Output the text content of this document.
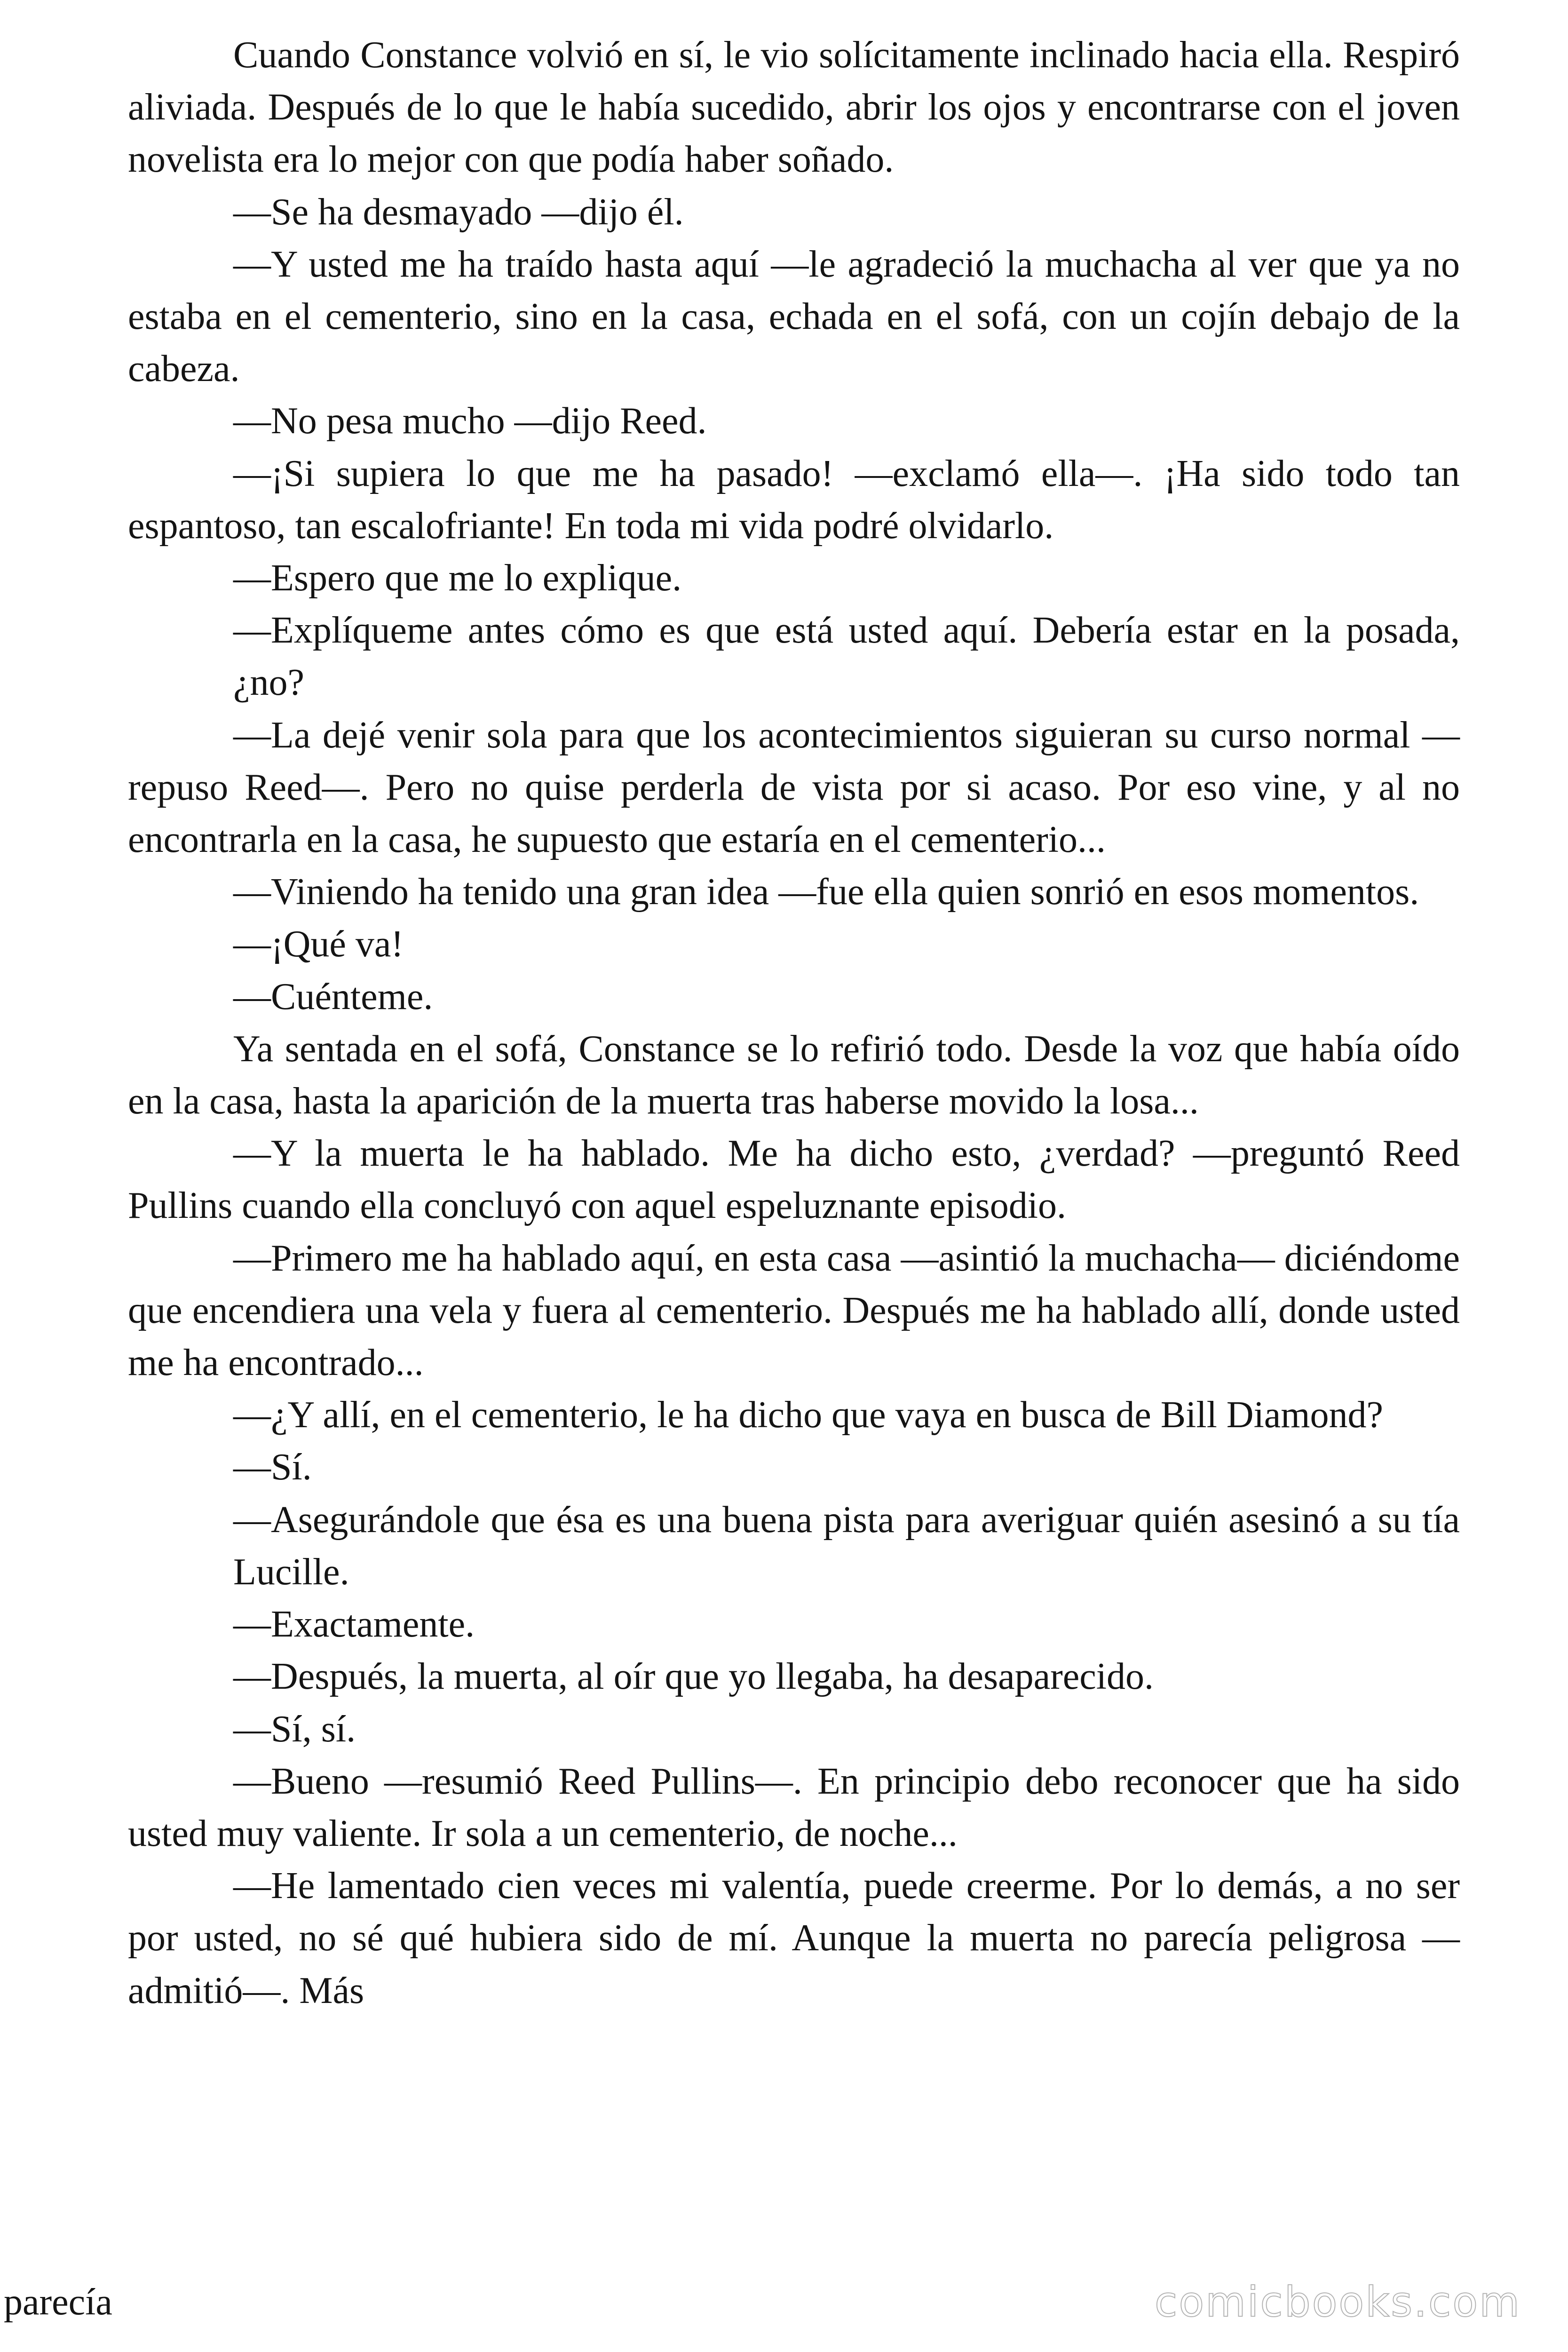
Cuando Constance volvió en sí, le vio solícitamente inclinado hacia ella. Respiró aliviada. Después de lo que le había sucedido, abrir los ojos y encontrarse con el joven novelista era lo mejor con que podía haber soñado.

—Se ha desmayado —dijo él.

—Y usted me ha traído hasta aquí —le agradeció la muchacha al ver que ya no estaba en el cementerio, sino en la casa, echada en el sofá, con un cojín debajo de la cabeza.

—No pesa mucho —dijo Reed.

—¡Si supiera lo que me ha pasado! —exclamó ella—. ¡Ha sido todo tan espantoso, tan escalofriante! En toda mi vida podré olvidarlo.

—Espero que me lo explique.

—Explíqueme antes cómo es que está usted aquí. Debería estar en la posada, ¿no?

—La dejé venir sola para que los acontecimientos siguieran su curso normal —repuso Reed—. Pero no quise perderla de vista por si acaso. Por eso vine, y al no encontrarla en la casa, he supuesto que estaría en el cementerio...

—Viniendo ha tenido una gran idea —fue ella quien sonrió en esos momentos.

—¡Qué va!

—Cuénteme.

Ya sentada en el sofá, Constance se lo refirió todo. Desde la voz que había oído en la casa, hasta la aparición de la muerta tras haberse movido la losa...

—Y la muerta le ha hablado. Me ha dicho esto, ¿verdad? —preguntó Reed Pullins cuando ella concluyó con aquel espeluznante episodio.

—Primero me ha hablado aquí, en esta casa —asintió la muchacha— diciéndome que encendiera una vela y fuera al cementerio. Después me ha hablado allí, donde usted me ha encontrado...

—¿Y allí, en el cementerio, le ha dicho que vaya en busca de Bill Diamond?

—Sí.

—Asegurándole que ésa es una buena pista para averiguar quién asesinó a su tía Lucille.

—Exactamente.

—Después, la muerta, al oír que yo llegaba, ha desaparecido.

—Sí, sí.

—Bueno —resumió Reed Pullins—. En principio debo reconocer que ha sido usted muy valiente. Ir sola a un cementerio, de noche...

—He lamentado cien veces mi valentía, puede creerme. Por lo demás, a no ser por usted, no sé qué hubiera sido de mí. Aunque la muerta no parecía peligrosa —admitió—. Más

parecía	comicbooks.com
